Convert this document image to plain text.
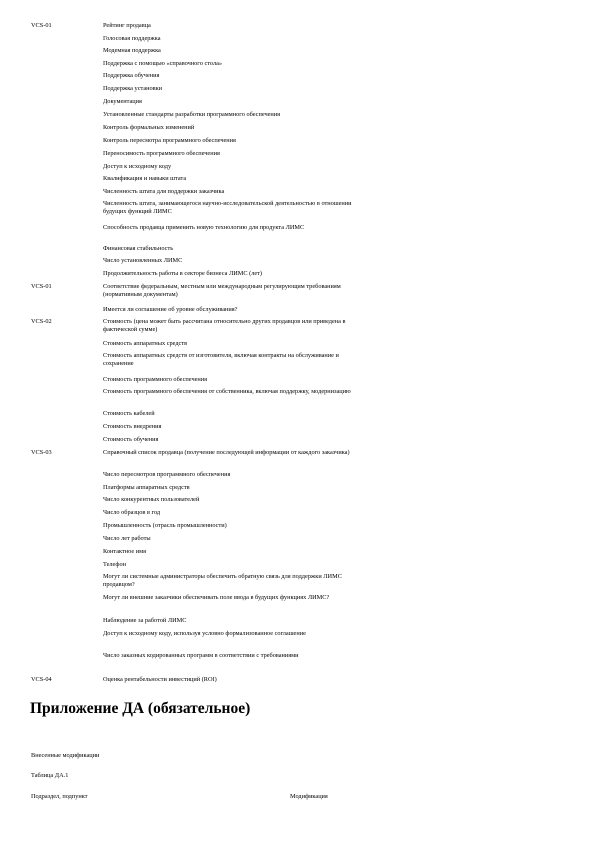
VCS-01	Рейтинг продавца
Голосовая поддержка
Модемная поддержка
Поддержка с помощью «справочного стола»
Поддержка обучения
Поддержка установки
Документация
Установленные стандарты разработки программного обеспечения
Контроль формальных изменений
Контроль пересмотра программного обеспечения
Переносимость программного обеспечения
Доступ к исходному коду
Квалификация и навыки штата
Численность штата для поддержки заказчика
Численность штата, занимающегося научно-исследовательской деятельностью в отношении будущих функций ЛИМС
Способность продавца применить новую технологию для продукта ЛИМС
Финансовая стабильность
Число установленных ЛИМС
Продолжительность работы в секторе бизнеса ЛИМС (лет)
VCS-01	Соответствие федеральным, местным или международным регулирующим требованиям (нормативным документам)
Имеется ли соглашение об уровне обслуживания?
VCS-02	Стоимость (цена может быть рассчитана относительно других продавцов или приведена в фактической сумме)
Стоимость аппаратных средств
Стоимость аппаратных средств от изготовителя, включая контракты на обслуживание и сохранение
Стоимость программного обеспечения
Стоимость программного обеспечения от собственника, включая поддержку, модернизацию
Стоимость кабелей
Стоимость внедрения
Стоимость обучения
VCS-03	Справочный список продавца (получение последующей информации от каждого заказчика)
Число пересмотров программного обеспечения
Платформы аппаратных средств
Число конкурентных пользователей
Число образцов в год
Промышленность (отрасль промышленности)
Число лет работы
Контактное имя
Телефон
Могут ли системные администраторы обеспечить обратную связь для поддержки ЛИМС продавцом?
Могут ли внешние заказчики обеспечивать поле ввода в будущих функциях ЛИМС?
Наблюдение за работой ЛИМС
Доступ к исходному коду, используя условно формализованное соглашение
Число заказных кодированных программ в соответствии с требованиями
VCS-04	Оценка рентабельности инвестиций (ROI)
Приложение ДА (обязательное)
Внесенные модификации
Таблица ДА.1
Подраздел, подпункт	Модификация
